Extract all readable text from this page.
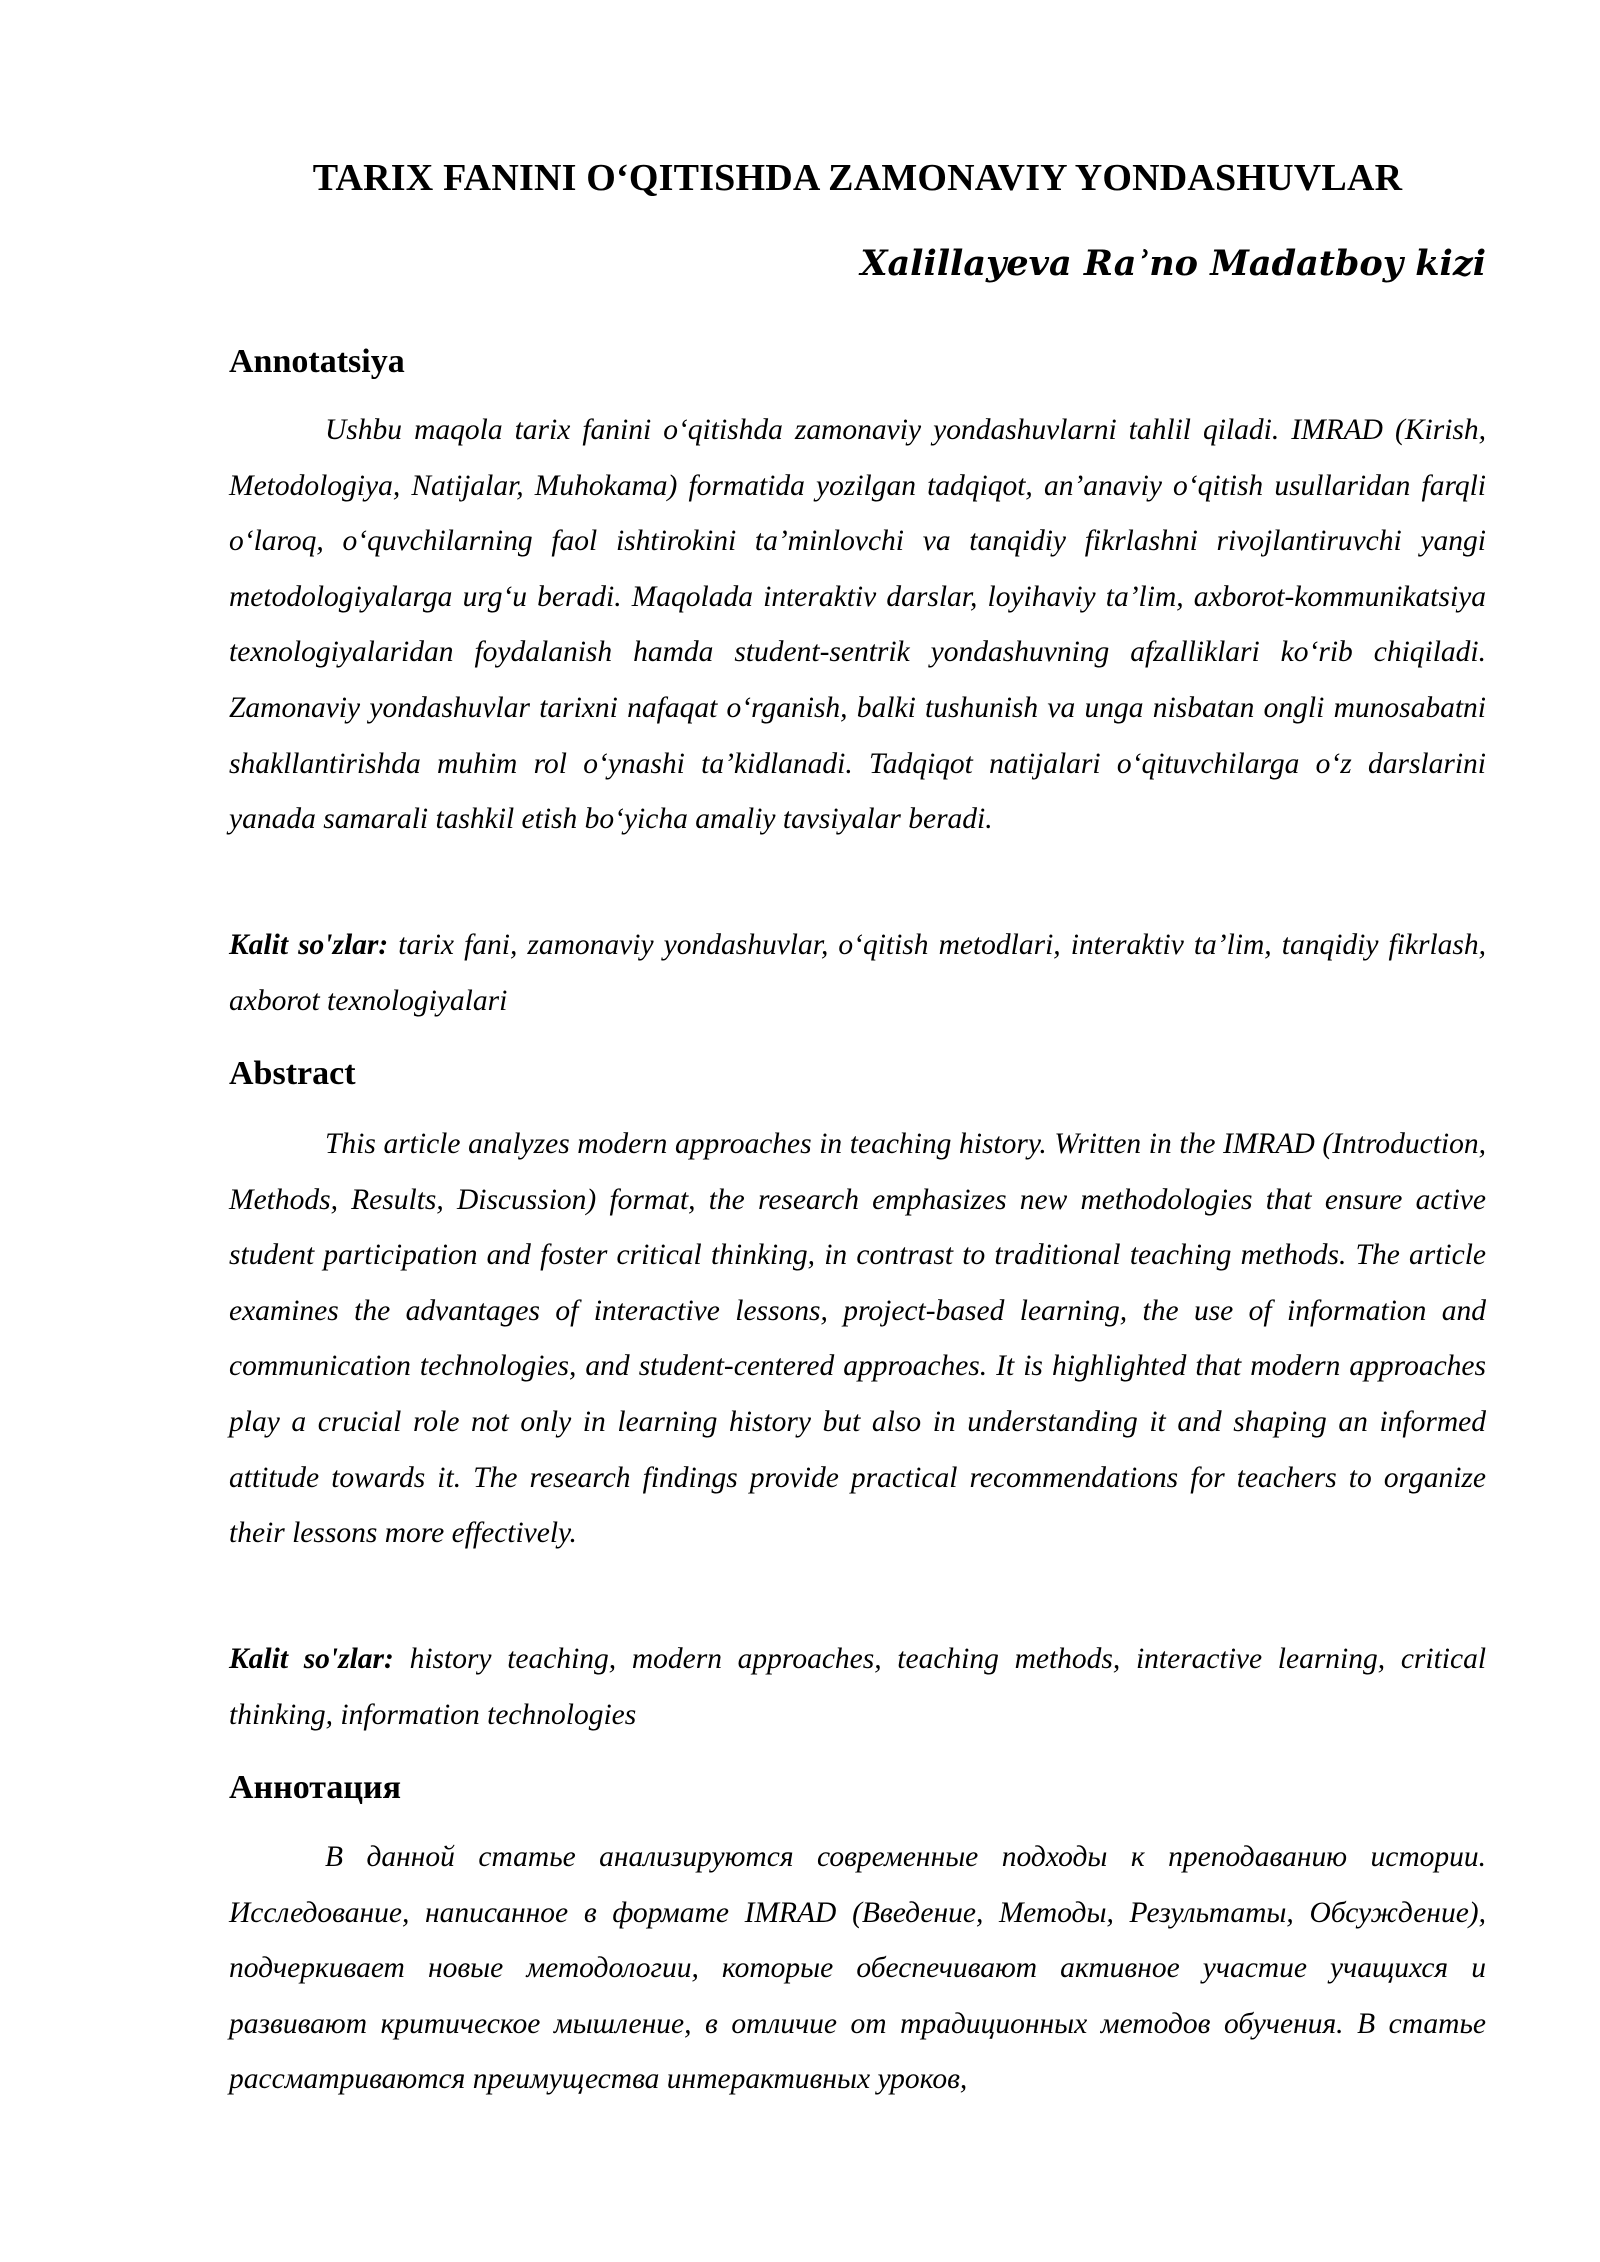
TARIX FANINI O‘QITISHDA ZAMONAVIY YONDASHUVLAR
Xalillayeva Raʾno Madatboy kizi
Annotatsiya

Ushbu maqola tarix fanini o‘qitishda zamonaviy yondashuvlarni tahlil qiladi. IMRAD (Kirish, Metodologiya, Natijalar, Muhokama) formatida yozilgan tadqiqot, an’anaviy o‘qitish usullaridan farqli o‘laroq, o‘quvchilarning faol ishtirokini ta’minlovchi va tanqidiy fikrlashni rivojlantiruvchi yangi metodologiyalarga urg‘u beradi. Maqolada interaktiv darslar, loyihaviy ta’lim, axborot-kommunikatsiya texnologiyalaridan foydalanish hamda student-sentrik yondashuvning afzalliklari ko‘rib chiqiladi. Zamonaviy yondashuvlar tarixni nafaqat o‘rganish, balki tushunish va unga nisbatan ongli munosabatni shakllantirishda muhim rol o‘ynashi ta’kidlanadi. Tadqiqot natijalari o‘qituvchilarga o‘z darslarini yanada samarali tashkil etish bo‘yicha amaliy tavsiyalar beradi.

Kalit so'zlar: tarix fani, zamonaviy yondashuvlar, o‘qitish metodlari, interaktiv ta’lim, tanqidiy fikrlash, axborot texnologiyalari

Abstract

This article analyzes modern approaches in teaching history. Written in the IMRAD (Introduction, Methods, Results, Discussion) format, the research emphasizes new methodologies that ensure active student participation and foster critical thinking, in contrast to traditional teaching methods. The article examines the advantages of interactive lessons, project-based learning, the use of information and communication technologies, and student-centered approaches. It is highlighted that modern approaches play a crucial role not only in learning history but also in understanding it and shaping an informed attitude towards it. The research findings provide practical recommendations for teachers to organize their lessons more effectively.

Kalit so'zlar: history teaching, modern approaches, teaching methods, interactive learning, critical thinking, information technologies

Аннотация

В данной статье анализируются современные подходы к преподаванию истории. Исследование, написанное в формате IMRAD (Введение, Методы, Результаты, Обсуждение), подчеркивает новые методологии, которые обеспечивают активное участие учащихся и развивают критическое мышление, в отличие от традиционных методов обучения. В статье рассматриваются преимущества интерактивных уроков,
